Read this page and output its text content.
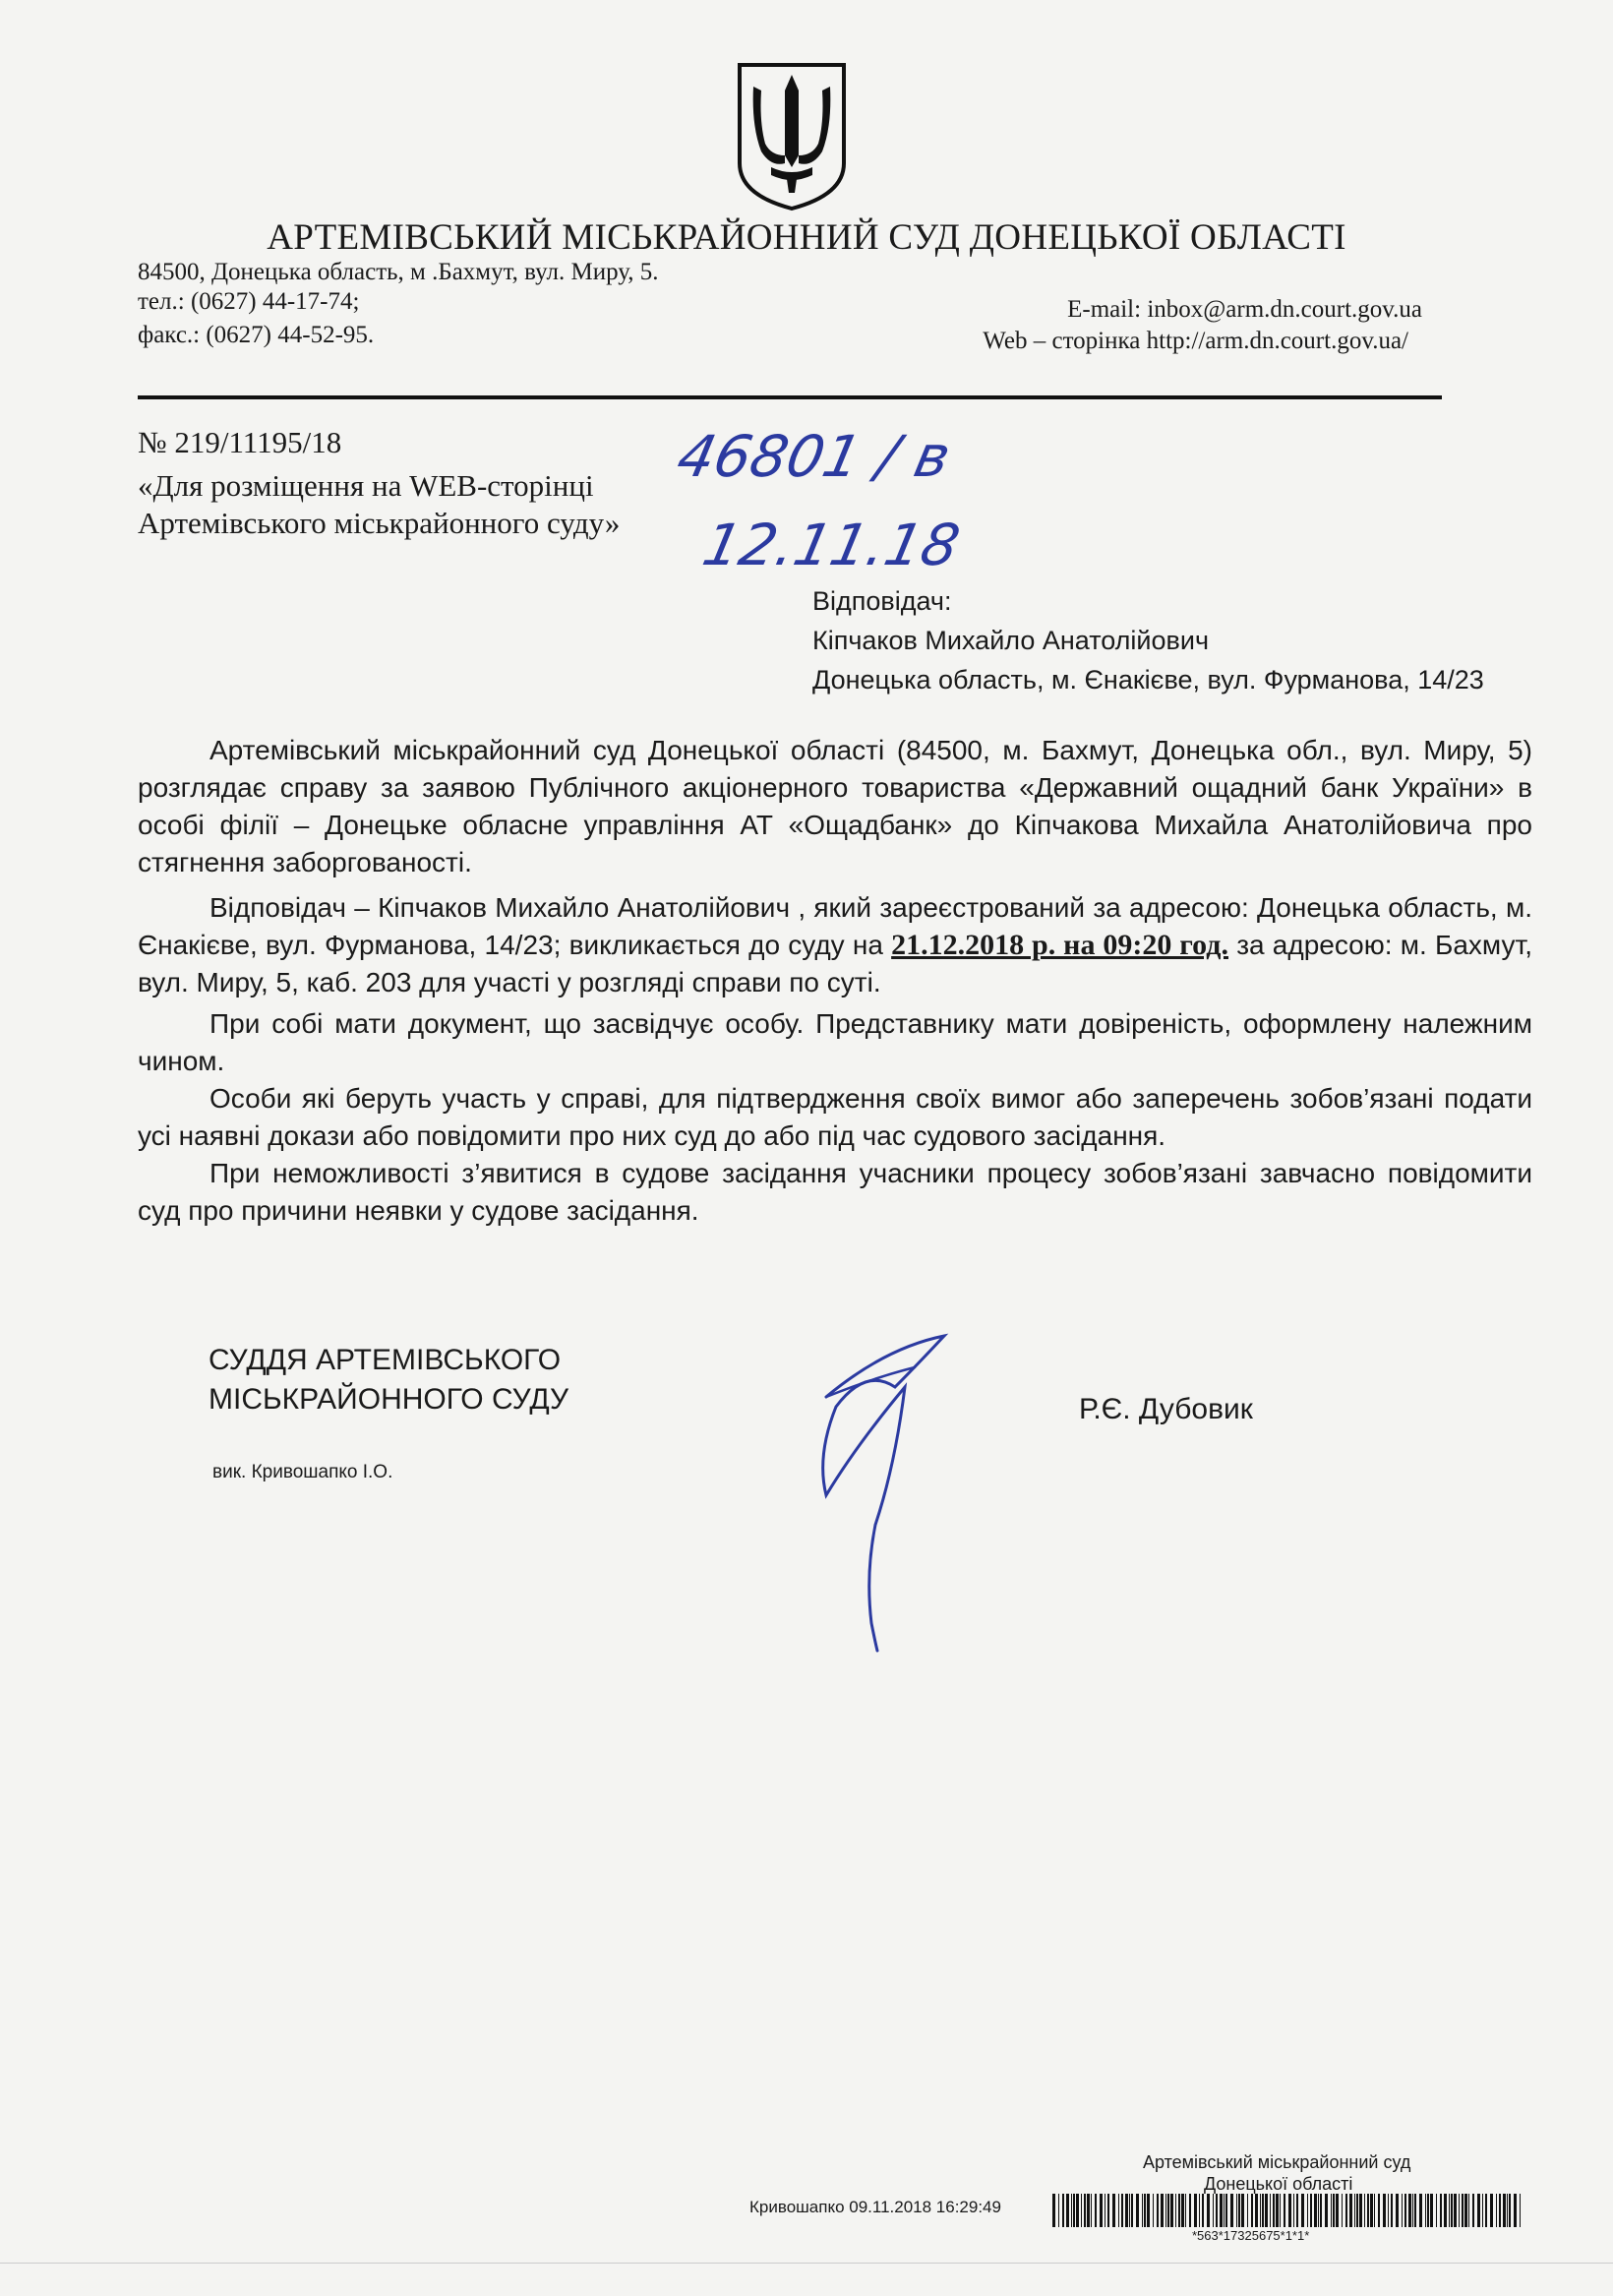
АРТЕМІВСЬКИЙ МІСЬКРАЙОННИЙ СУД ДОНЕЦЬКОЇ ОБЛАСТІ
84500, Донецька область, м .Бахмут, вул. Миру, 5.
тел.: (0627) 44-17-74;
факс.: (0627) 44-52-95.
E-mail: inbox@arm.dn.court.gov.ua
Web – сторінка http://arm.dn.court.gov.ua/
№ 219/11195/18
«Для розміщення на WEB-сторінці
Артемівського міськрайонного суду»
46801 / в
12.11.18
Відповідач:
Кіпчаков Михайло Анатолійович
Донецька область, м. Єнакієве, вул. Фурманова, 14/23
Артемівський міськрайонний суд Донецької області (84500, м. Бахмут, Донецька обл., вул. Миру, 5) розглядає справу за заявою Публічного акціонерного товариства «Державний ощадний банк України» в особі філії – Донецьке обласне управління АТ «Ощадбанк» до Кіпчакова Михайла Анатолійовича про стягнення заборгованості.
Відповідач – Кіпчаков Михайло Анатолійович , який зареєстрований за адресою: Донецька область, м. Єнакієве, вул. Фурманова, 14/23; викликається до суду на 21.12.2018 р. на 09:20 год. за адресою: м. Бахмут, вул. Миру, 5, каб. 203 для участі у розгляді справи по суті.
При собі мати документ, що засвідчує особу. Представнику мати довіреність, оформлену належним чином.
Особи які беруть участь у справі, для підтвердження своїх вимог або заперечень зобов’язані подати усі наявні докази або повідомити про них суд до або під час судового засідання.
При неможливості з’явитися в судове засідання учасники процесу зобов’язані завчасно повідомити суд про причини неявки у судове засідання.
СУДДЯ АРТЕМІВСЬКОГО
МІСЬКРАЙОННОГО СУДУ	Р.Є. Дубовик
вик. Кривошапко І.О.
Артемівський міськрайонний суд
Донецької області
Кривошапко 09.11.2018 16:29:49
*563*17325675*1*1*
